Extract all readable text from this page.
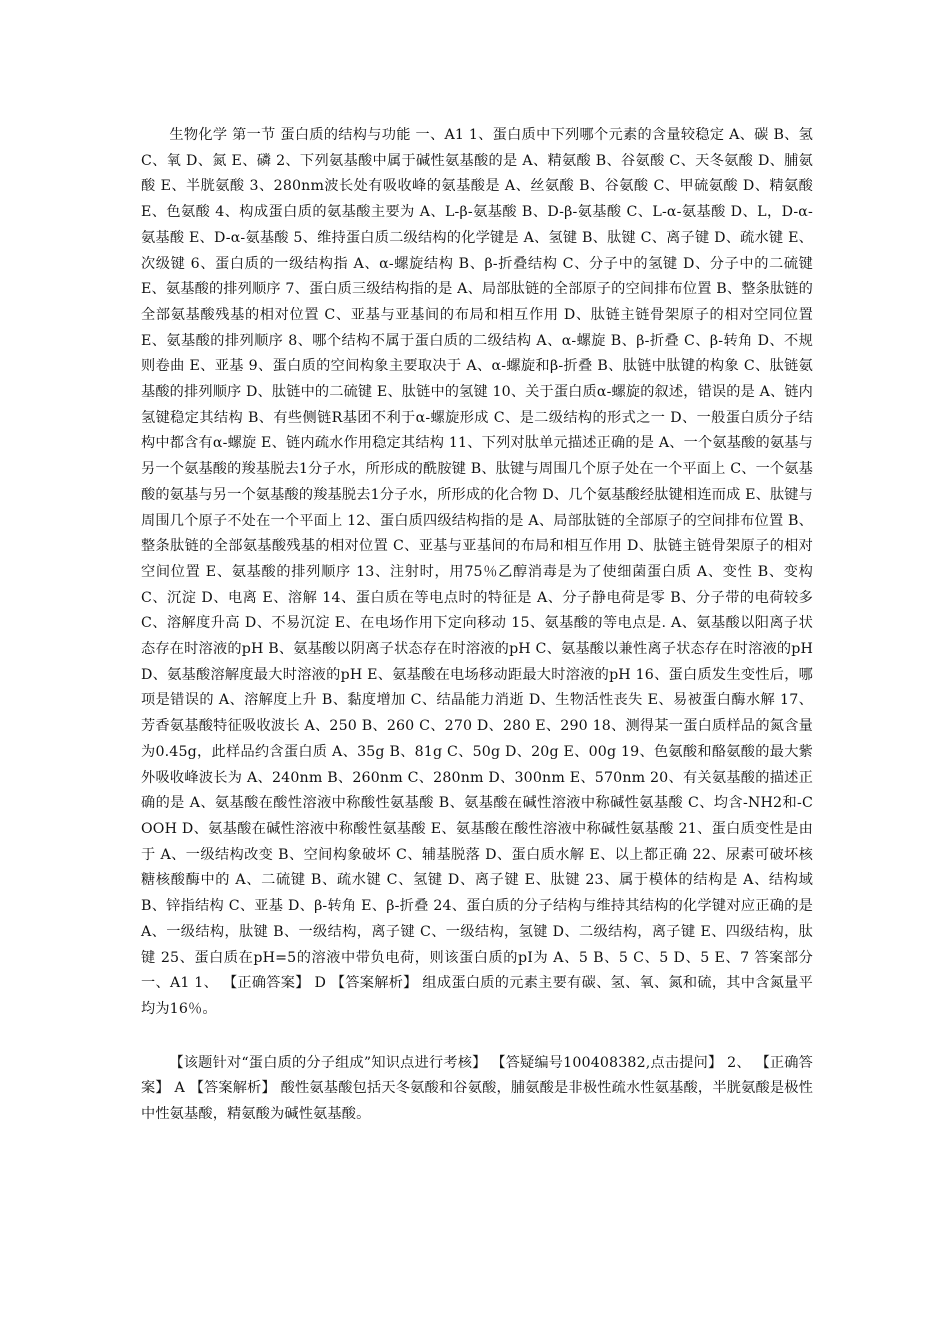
生物化学 第一节 蛋白质的结构与功能 一、A1 1、蛋白质中下列哪个元素的含量较稳定 A、碳 B、氢 C、氧 D、氮 E、磷 2、下列氨基酸中属于碱性氨基酸的是 A、精氨酸 B、谷氨酸 C、天冬氨酸 D、脯氨酸 E、半胱氨酸 3、280nm波长处有吸收峰的氨基酸是 A、丝氨酸 B、谷氨酸 C、甲硫氨酸 D、精氨酸 E、色氨酸 4、构成蛋白质的氨基酸主要为 A、L-β-氨基酸 B、D-β-氨基酸 C、L-α-氨基酸 D、L，D-α-氨基酸 E、D-α-氨基酸 5、维持蛋白质二级结构的化学键是 A、氢键 B、肽键 C、离子键 D、疏水键 E、次级键 6、蛋白质的一级结构指 A、α-螺旋结构 B、β-折叠结构 C、分子中的氢键 D、分子中的二硫键 E、氨基酸的排列顺序 7、蛋白质三级结构指的是 A、局部肽链的全部原子的空间排布位置 B、整条肽链的全部氨基酸残基的相对位置 C、亚基与亚基间的布局和相互作用 D、肽链主链骨架原子的相对空同位置 E、氨基酸的排列顺序 8、哪个结构不属于蛋白质的二级结构 A、α-螺旋 B、β-折叠 C、β-转角 D、不规则卷曲 E、亚基 9、蛋白质的空间构象主要取决于 A、α-螺旋和β-折叠 B、肽链中肽键的构象 C、肽链氨基酸的排列顺序 D、肽链中的二硫键 E、肽链中的氢键 10、关于蛋白质α-螺旋的叙述，错误的是 A、链内氢键稳定其结构 B、有些侧链R基团不利于α-螺旋形成 C、是二级结构的形式之一 D、一般蛋白质分子结构中都含有α-螺旋 E、链内疏水作用稳定其结构 11、下列对肽单元描述正确的是 A、一个氨基酸的氨基与另一个氨基酸的羧基脱去1分子水，所形成的酰胺键 B、肽键与周围几个原子处在一个平面上 C、一个氨基酸的氨基与另一个氨基酸的羧基脱去1分子水，所形成的化合物 D、几个氨基酸经肽键相连而成 E、肽键与周围几个原子不处在一个平面上 12、蛋白质四级结构指的是 A、局部肽链的全部原子的空间排布位置 B、整条肽链的全部氨基酸残基的相对位置 C、亚基与亚基间的布局和相互作用 D、肽链主链骨架原子的相对空间位置 E、氨基酸的排列顺序 13、注射时，用75％乙醇消毒是为了使细菌蛋白质 A、变性 B、变构 C、沉淀 D、电离 E、溶解 14、蛋白质在等电点时的特征是 A、分子静电荷是零 B、分子带的电荷较多 C、溶解度升高 D、不易沉淀 E、在电场作用下定向移动 15、氨基酸的等电点是. A、氨基酸以阳离子状态存在时溶液的pH B、氨基酸以阴离子状态存在时溶液的pH C、氨基酸以兼性离子状态存在时溶液的pH D、氨基酸溶解度最大时溶液的pH E、氨基酸在电场移动距最大时溶液的pH 16、蛋白质发生变性后，哪项是错误的 A、溶解度上升 B、黏度增加 C、结晶能力消逝 D、生物活性丧失 E、易被蛋白酶水解 17、芳香氨基酸特征吸收波长 A、250 B、260 C、270 D、280 E、290 18、测得某一蛋白质样品的氮含量为0.45g，此样品约含蛋白质 A、35g B、81g C、50g D、20g E、00g 19、色氨酸和酪氨酸的最大紫外吸收峰波长为 A、240nm B、260nm C、280nm D、300nm E、570nm 20、有关氨基酸的描述正确的是 A、氨基酸在酸性溶液中称酸性氨基酸 B、氨基酸在碱性溶液中称碱性氨基酸 C、均含-NH2和-COOH D、氨基酸在碱性溶液中称酸性氨基酸 E、氨基酸在酸性溶液中称碱性氨基酸 21、蛋白质变性是由于 A、一级结构改变 B、空间构象破坏 C、辅基脱落 D、蛋白质水解 E、以上都正确 22、尿素可破坏核糖核酸酶中的 A、二硫键 B、疏水键 C、氢键 D、离子键 E、肽键 23、属于模体的结构是 A、结构域 B、锌指结构 C、亚基 D、β-转角 E、β-折叠 24、蛋白质的分子结构与维持其结构的化学键对应正确的是 A、一级结构，肽键 B、一级结构，离子键 C、一级结构，氢键 D、二级结构，离子键 E、四级结构，肽键 25、蛋白质在pH=5的溶液中带负电荷，则该蛋白质的pI为 A、5 B、5 C、5 D、5 E、7 答案部分 一、A1 1、 【正确答案】 D 【答案解析】 组成蛋白质的元素主要有碳、氢、氧、氮和硫，其中含氮量平均为16％。

【该题针对“蛋白质的分子组成”知识点进行考核】 【答疑编号100408382,点击提问】 2、 【正确答案】 A 【答案解析】 酸性氨基酸包括天冬氨酸和谷氨酸，脯氨酸是非极性疏水性氨基酸，半胱氨酸是极性中性氨基酸，精氨酸为碱性氨基酸。
